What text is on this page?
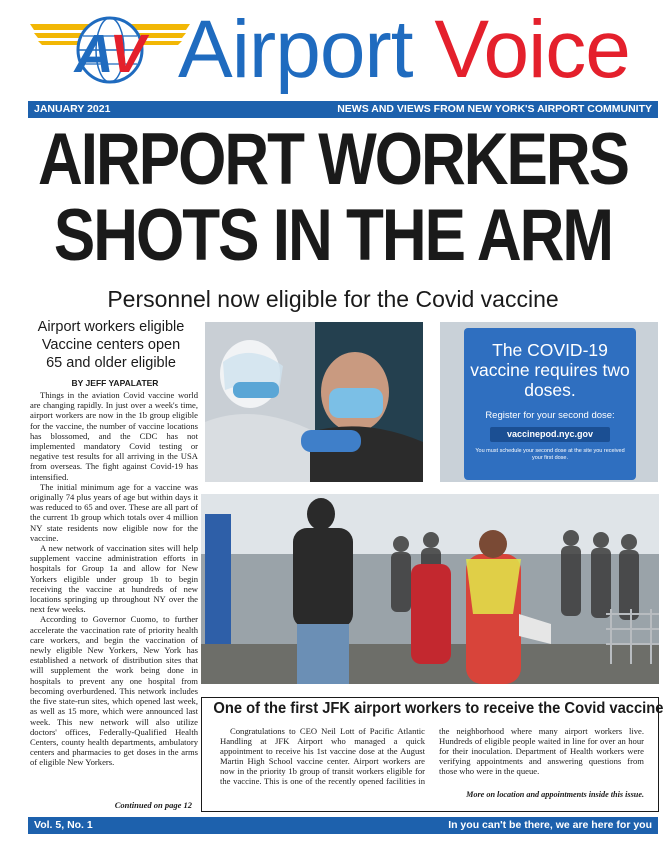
AV Airport Voice
JANUARY 2021	NEWS AND VIEWS FROM NEW YORK'S AIRPORT COMMUNITY
AIRPORT WORKERS
SHOTS IN THE ARM
Personnel now eligible for the Covid vaccine
Airport workers eligible
Vaccine centers open
65 and older eligible
BY JEFF YAPALATER

Things in the aviation Covid vaccine world are changing rapidly. In just over a week's time, airport workers are now in the 1b group eligible for the vaccine, the number of vaccine locations has blossomed, and the CDC has not implemented mandatory Covid testing or negative test results for all arriving in the USA from overseas. The fight against Covid-19 has intensified.

The initial minimum age for a vaccine was originally 74 plus years of age but within days it was reduced to 65 and over. These are all part of the current 1b group which totals over 4 million NY state residents now eligible now for the vaccine.

A new network of vaccination sites will help supplement vaccine administration efforts in hospitals for Group 1a and allow for New Yorkers eligible under group 1b to begin receiving the vaccine at hundreds of new locations springing up throughout NY over the next few weeks.

According to Governor Cuomo, to further accelerate the vaccination rate of priority health care workers, and begin the vaccination of newly eligible New Yorkers, New York has established a network of distribution sites that will supplement the work being done in hospitals to prevent any one hospital from becoming overburdened. This network includes the five state-run sites, which opened last week, as well as 15 more, which were announced last week. This new network will also utilize doctors' offices, Federally-Qualified Health Centers, county health departments, ambulatory centers and pharmacies to get doses in the arms of eligible New Yorkers.

Continued on page 12
The COVID-19 vaccine requires two doses.
Register for your second dose:
vaccinepod.nyc.gov
You must schedule your second dose at the site you received your first dose.
One of the first JFK airport workers to receive the Covid vaccine

Congratulations to CEO Neil Lott of Pacific Atlantic Handling at JFK Airport who managed a quick appointment to receive his 1st vaccine dose at the August Martin High School vaccine center. Airport workers are now in the priority 1b group of transit workers eligible for the vaccine. This is one of the recently opened facilities in the neighborhood where many airport workers live. Hundreds of eligible people waited in line for over an hour for their inoculation. Department of Health workers were verifying appointments and answering questions from those who were in the queue.

More on location and appointments inside this issue.
Vol. 5, No. 1	In you can't be there, we are here for you
